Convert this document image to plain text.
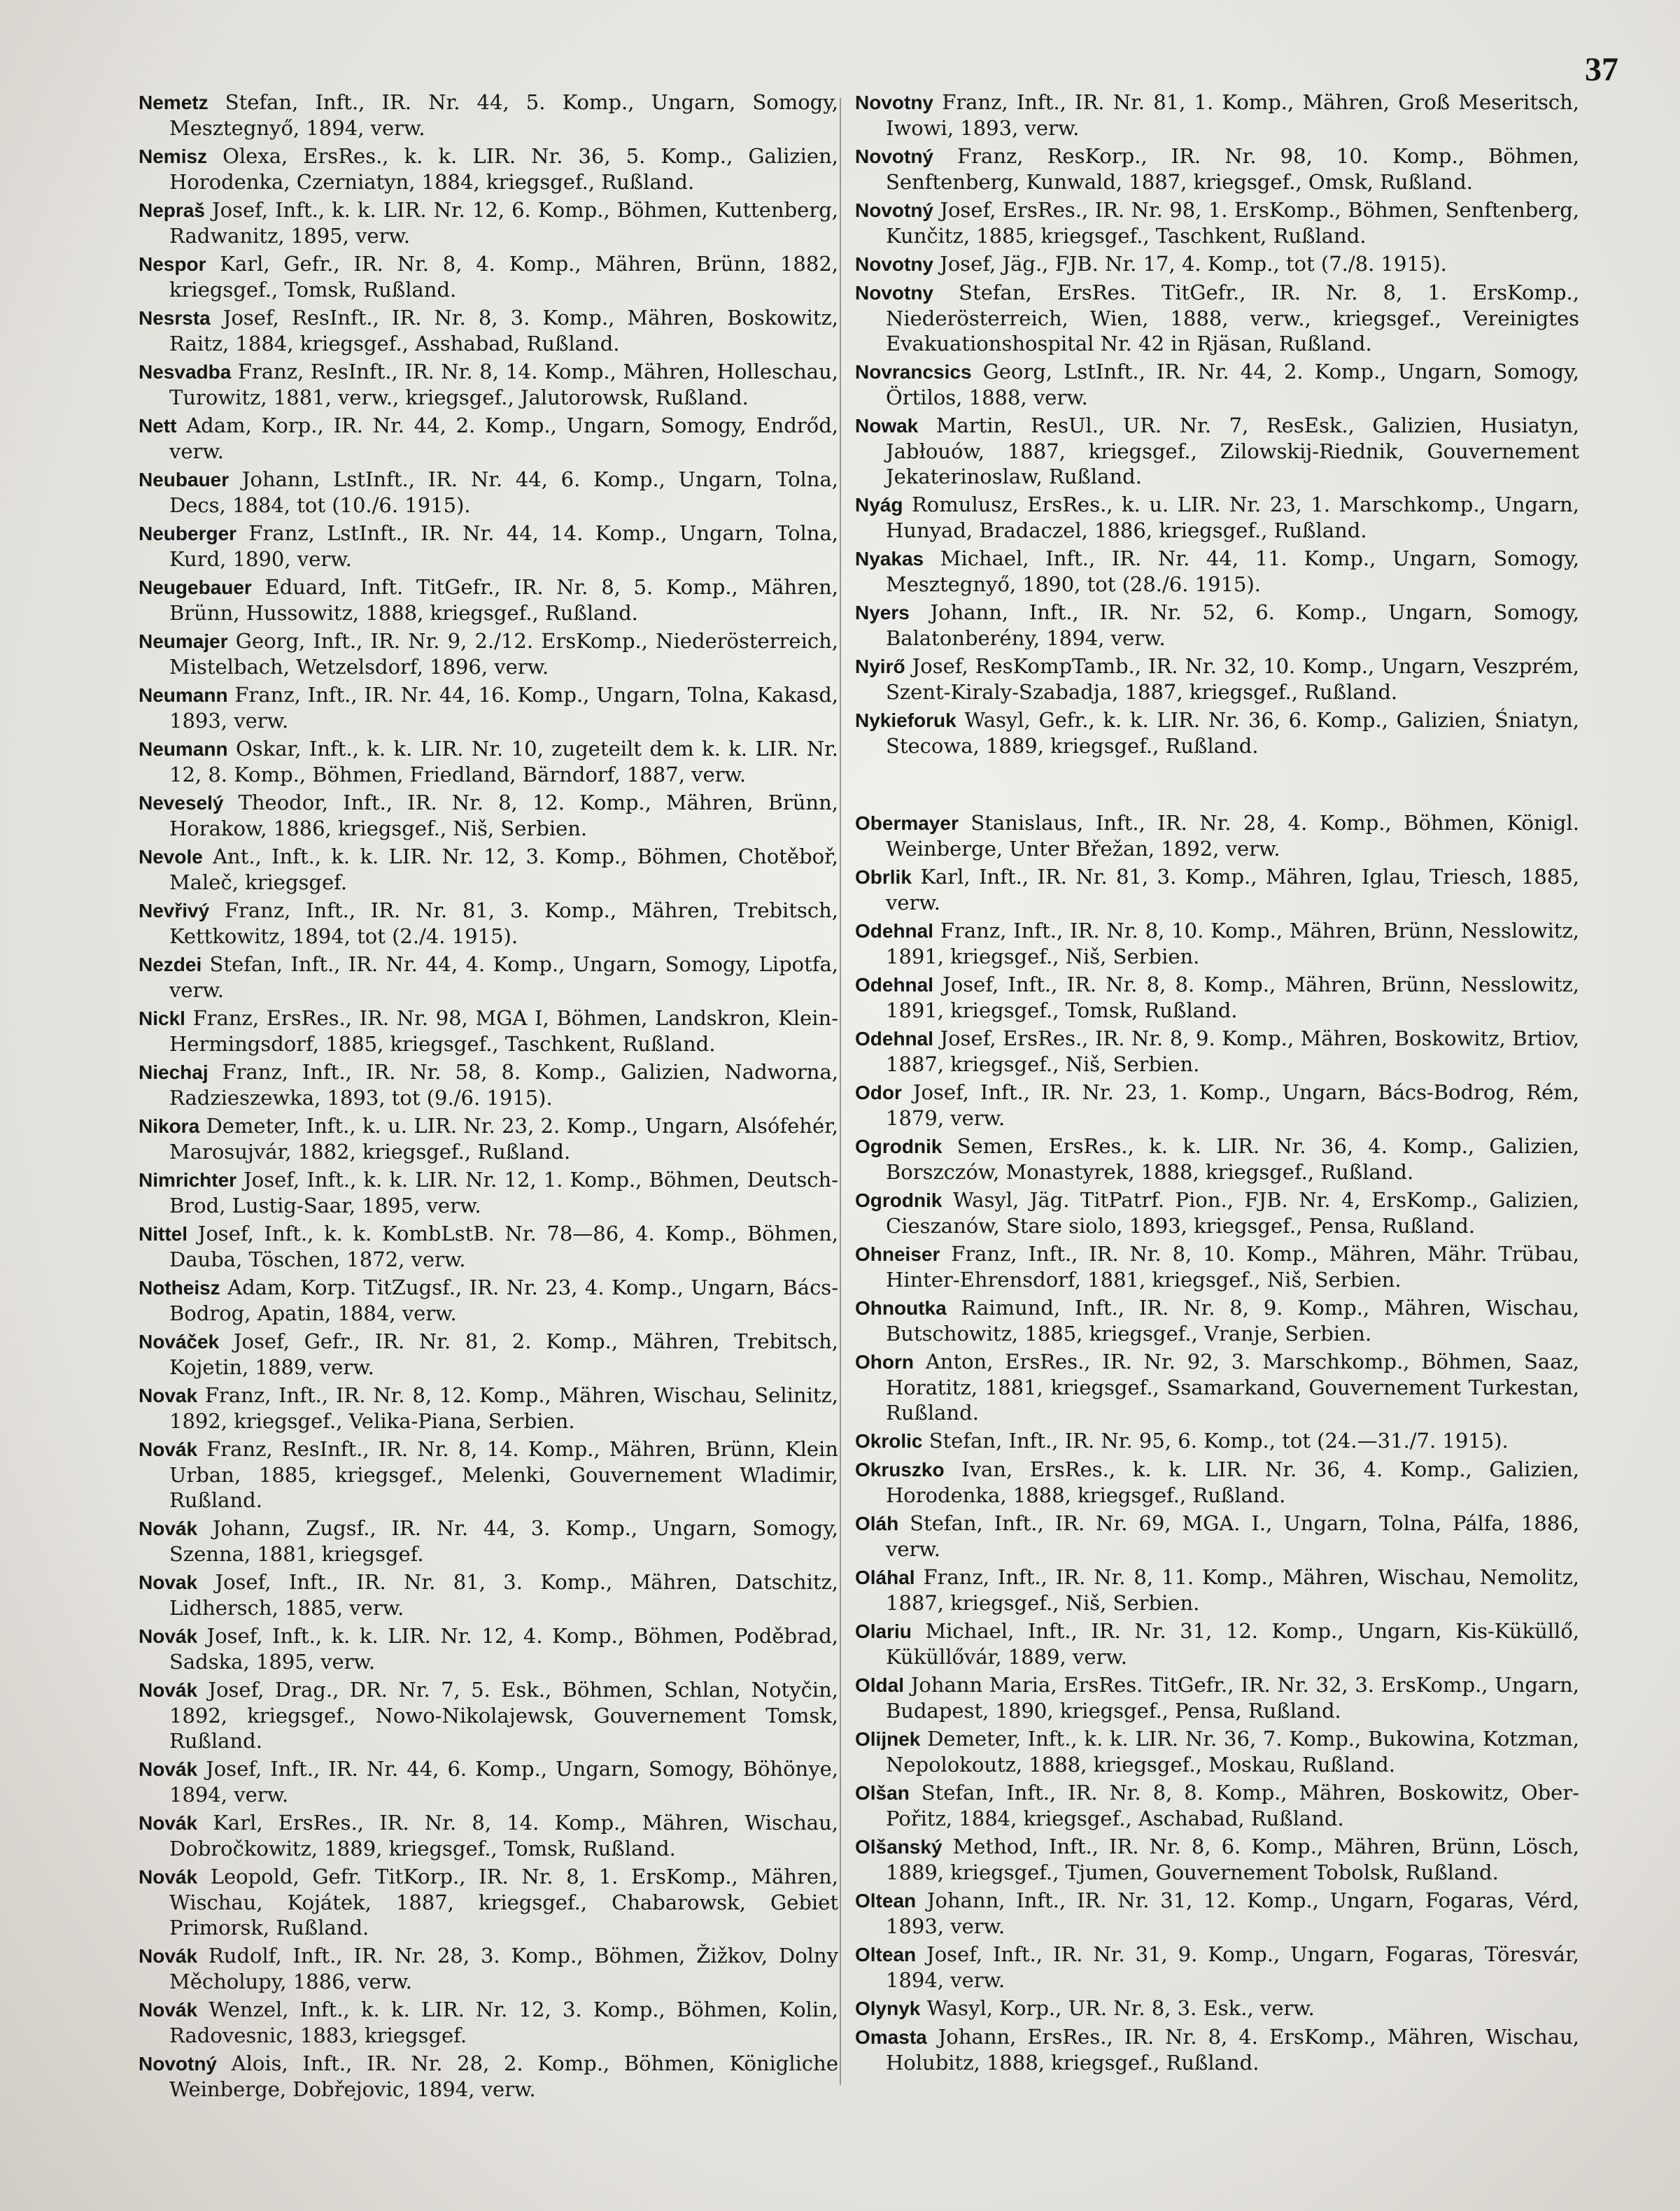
37
Nemetz Stefan, Inft., IR. Nr. 44, 5. Komp., Ungarn, Somogy, Mesztegnyő, 1894, verw.
Nemisz Olexa, ErsRes., k. k. LIR. Nr. 36, 5. Komp., Galizien, Horodenka, Czerniatyn, 1884, kriegsgef., Rußland.
Nepraš Josef, Inft., k. k. LIR. Nr. 12, 6. Komp., Böhmen, Kuttenberg, Radwanitz, 1895, verw.
Nespor Karl, Gefr., IR. Nr. 8, 4. Komp., Mähren, Brünn, 1882, kriegsgef., Tomsk, Rußland.
Nesrsta Josef, ResInft., IR. Nr. 8, 3. Komp., Mähren, Boskowitz, Raitz, 1884, kriegsgef., Asshabad, Rußland.
Nesvadba Franz, ResInft., IR. Nr. 8, 14. Komp., Mähren, Holleschau, Turowitz, 1881, verw., kriegsgef., Jalutorowsk, Rußland.
Nett Adam, Korp., IR. Nr. 44, 2. Komp., Ungarn, Somogy, Endrőd, verw.
Neubauer Johann, LstInft., IR. Nr. 44, 6. Komp., Ungarn, Tolna, Decs, 1884, tot (10./6. 1915).
Neuberger Franz, LstInft., IR. Nr. 44, 14. Komp., Ungarn, Tolna, Kurd, 1890, verw.
Neugebauer Eduard, Inft. TitGefr., IR. Nr. 8, 5. Komp., Mähren, Brünn, Hussowitz, 1888, kriegsgef., Rußland.
Neumajer Georg, Inft., IR. Nr. 9, 2./12. ErsKomp., Niederösterreich, Mistelbach, Wetzelsdorf, 1896, verw.
Neumann Franz, Inft., IR. Nr. 44, 16. Komp., Ungarn, Tolna, Kakasd, 1893, verw.
Neumann Oskar, Inft., k. k. LIR. Nr. 10, zugeteilt dem k. k. LIR. Nr. 12, 8. Komp., Böhmen, Friedland, Bärndorf, 1887, verw.
Neveselý Theodor, Inft., IR. Nr. 8, 12. Komp., Mähren, Brünn, Horakow, 1886, kriegsgef., Niš, Serbien.
Nevole Ant., Inft., k. k. LIR. Nr. 12, 3. Komp., Böhmen, Chotěboř, Maleč, kriegsgef.
Nevřivý Franz, Inft., IR. Nr. 81, 3. Komp., Mähren, Trebitsch, Kettkowitz, 1894, tot (2./4. 1915).
Nezdei Stefan, Inft., IR. Nr. 44, 4. Komp., Ungarn, Somogy, Lipotfa, verw.
Nickl Franz, ErsRes., IR. Nr. 98, MGA I, Böhmen, Landskron, Klein-Hermingsdorf, 1885, kriegsgef., Taschkent, Rußland.
Niechaj Franz, Inft., IR. Nr. 58, 8. Komp., Galizien, Nadworna, Radzieszewka, 1893, tot (9./6. 1915).
Nikora Demeter, Inft., k. u. LIR. Nr. 23, 2. Komp., Ungarn, Alsófehér, Marosujvár, 1882, kriegsgef., Rußland.
Nimrichter Josef, Inft., k. k. LIR. Nr. 12, 1. Komp., Böhmen, Deutsch-Brod, Lustig-Saar, 1895, verw.
Nittel Josef, Inft., k. k. KombLstB. Nr. 78—86, 4. Komp., Böhmen, Dauba, Töschen, 1872, verw.
Notheisz Adam, Korp. TitZugsf., IR. Nr. 23, 4. Komp., Ungarn, Bács-Bodrog, Apatin, 1884, verw.
Nováček Josef, Gefr., IR. Nr. 81, 2. Komp., Mähren, Trebitsch, Kojetin, 1889, verw.
Novak Franz, Inft., IR. Nr. 8, 12. Komp., Mähren, Wischau, Selinitz, 1892, kriegsgef., Velika-Piana, Serbien.
Novák Franz, ResInft., IR. Nr. 8, 14. Komp., Mähren, Brünn, Klein Urban, 1885, kriegsgef., Melenki, Gouvernement Wladimir, Rußland.
Novák Johann, Zugsf., IR. Nr. 44, 3. Komp., Ungarn, Somogy, Szenna, 1881, kriegsgef.
Novak Josef, Inft., IR. Nr. 81, 3. Komp., Mähren, Datschitz, Lidhersch, 1885, verw.
Novák Josef, Inft., k. k. LIR. Nr. 12, 4. Komp., Böhmen, Poděbrad, Sadska, 1895, verw.
Novák Josef, Drag., DR. Nr. 7, 5. Esk., Böhmen, Schlan, Notyčin, 1892, kriegsgef., Nowo-Nikolajewsk, Gouvernement Tomsk, Rußland.
Novák Josef, Inft., IR. Nr. 44, 6. Komp., Ungarn, Somogy, Böhönye, 1894, verw.
Novák Karl, ErsRes., IR. Nr. 8, 14. Komp., Mähren, Wischau, Dobročkowitz, 1889, kriegsgef., Tomsk, Rußland.
Novák Leopold, Gefr. TitKorp., IR. Nr. 8, 1. ErsKomp., Mähren, Wischau, Kojátek, 1887, kriegsgef., Chabarowsk, Gebiet Primorsk, Rußland.
Novák Rudolf, Inft., IR. Nr. 28, 3. Komp., Böhmen, Žižkov, Dolny Měcholupy, 1886, verw.
Novák Wenzel, Inft., k. k. LIR. Nr. 12, 3. Komp., Böhmen, Kolin, Radovesnic, 1883, kriegsgef.
Novotný Alois, Inft., IR. Nr. 28, 2. Komp., Böhmen, Königliche Weinberge, Dobřejovic, 1894, verw.
Novotny Franz, Inft., IR. Nr. 81, 1. Komp., Mähren, Groß Meseritsch, Iwowi, 1893, verw.
Novotný Franz, ResKorp., IR. Nr. 98, 10. Komp., Böhmen, Senftenberg, Kunwald, 1887, kriegsgef., Omsk, Rußland.
Novotný Josef, ErsRes., IR. Nr. 98, 1. ErsKomp., Böhmen, Senftenberg, Kunčitz, 1885, kriegsgef., Taschkent, Rußland.
Novotny Josef, Jäg., FJB. Nr. 17, 4. Komp., tot (7./8. 1915).
Novotny Stefan, ErsRes. TitGefr., IR. Nr. 8, 1. ErsKomp., Niederösterreich, Wien, 1888, verw., kriegsgef., Vereinigtes Evakuationshospital Nr. 42 in Rjäsan, Rußland.
Novrancsics Georg, LstInft., IR. Nr. 44, 2. Komp., Ungarn, Somogy, Örtilos, 1888, verw.
Nowak Martin, ResUl., UR. Nr. 7, ResEsk., Galizien, Husiatyn, Jabłouów, 1887, kriegsgef., Zilowskij-Riednik, Gouvernement Jekaterinoslaw, Rußland.
Nyág Romulusz, ErsRes., k. u. LIR. Nr. 23, 1. Marschkomp., Ungarn, Hunyad, Bradaczel, 1886, kriegsgef., Rußland.
Nyakas Michael, Inft., IR. Nr. 44, 11. Komp., Ungarn, Somogy, Mesztegnyő, 1890, tot (28./6. 1915).
Nyers Johann, Inft., IR. Nr. 52, 6. Komp., Ungarn, Somogy, Balatonberény, 1894, verw.
Nyirő Josef, ResKompTamb., IR. Nr. 32, 10. Komp., Ungarn, Veszprém, Szent-Kiraly-Szabadja, 1887, kriegsgef., Rußland.
Nykieforuk Wasyl, Gefr., k. k. LIR. Nr. 36, 6. Komp., Galizien, Śniatyn, Stecowa, 1889, kriegsgef., Rußland.
Obermayer Stanislaus, Inft., IR. Nr. 28, 4. Komp., Böhmen, Königl. Weinberge, Unter Břežan, 1892, verw.
Obrlik Karl, Inft., IR. Nr. 81, 3. Komp., Mähren, Iglau, Triesch, 1885, verw.
Odehnal Franz, Inft., IR. Nr. 8, 10. Komp., Mähren, Brünn, Nesslowitz, 1891, kriegsgef., Niš, Serbien.
Odehnal Josef, Inft., IR. Nr. 8, 8. Komp., Mähren, Brünn, Nesslowitz, 1891, kriegsgef., Tomsk, Rußland.
Odehnal Josef, ErsRes., IR. Nr. 8, 9. Komp., Mähren, Boskowitz, Brtiov, 1887, kriegsgef., Niš, Serbien.
Odor Josef, Inft., IR. Nr. 23, 1. Komp., Ungarn, Bács-Bodrog, Rém, 1879, verw.
Ogrodnik Semen, ErsRes., k. k. LIR. Nr. 36, 4. Komp., Galizien, Borszczów, Monastyrek, 1888, kriegsgef., Rußland.
Ogrodnik Wasyl, Jäg. TitPatrf. Pion., FJB. Nr. 4, ErsKomp., Galizien, Cieszanów, Stare siolo, 1893, kriegsgef., Pensa, Rußland.
Ohneiser Franz, Inft., IR. Nr. 8, 10. Komp., Mähren, Mähr. Trübau, Hinter-Ehrensdorf, 1881, kriegsgef., Niš, Serbien.
Ohnoutka Raimund, Inft., IR. Nr. 8, 9. Komp., Mähren, Wischau, Butschowitz, 1885, kriegsgef., Vranje, Serbien.
Ohorn Anton, ErsRes., IR. Nr. 92, 3. Marschkomp., Böhmen, Saaz, Horatitz, 1881, kriegsgef., Ssamarkand, Gouvernement Turkestan, Rußland.
Okrolic Stefan, Inft., IR. Nr. 95, 6. Komp., tot (24.—31./7. 1915).
Okruszko Ivan, ErsRes., k. k. LIR. Nr. 36, 4. Komp., Galizien, Horodenka, 1888, kriegsgef., Rußland.
Oláh Stefan, Inft., IR. Nr. 69, MGA. I., Ungarn, Tolna, Pálfa, 1886, verw.
Oláhal Franz, Inft., IR. Nr. 8, 11. Komp., Mähren, Wischau, Nemolitz, 1887, kriegsgef., Niš, Serbien.
Olariu Michael, Inft., IR. Nr. 31, 12. Komp., Ungarn, Kis-Küküllő, Küküllővár, 1889, verw.
Oldal Johann Maria, ErsRes. TitGefr., IR. Nr. 32, 3. ErsKomp., Ungarn, Budapest, 1890, kriegsgef., Pensa, Rußland.
Olijnek Demeter, Inft., k. k. LIR. Nr. 36, 7. Komp., Bukowina, Kotzman, Nepolokoutz, 1888, kriegsgef., Moskau, Rußland.
Olšan Stefan, Inft., IR. Nr. 8, 8. Komp., Mähren, Boskowitz, Ober-Pořitz, 1884, kriegsgef., Aschabad, Rußland.
Olšanský Method, Inft., IR. Nr. 8, 6. Komp., Mähren, Brünn, Lösch, 1889, kriegsgef., Tjumen, Gouvernement Tobolsk, Rußland.
Oltean Johann, Inft., IR. Nr. 31, 12. Komp., Ungarn, Fogaras, Vérd, 1893, verw.
Oltean Josef, Inft., IR. Nr. 31, 9. Komp., Ungarn, Fogaras, Töresvár, 1894, verw.
Olynyk Wasyl, Korp., UR. Nr. 8, 3. Esk., verw.
Omasta Johann, ErsRes., IR. Nr. 8, 4. ErsKomp., Mähren, Wischau, Holubitz, 1888, kriegsgef., Rußland.
